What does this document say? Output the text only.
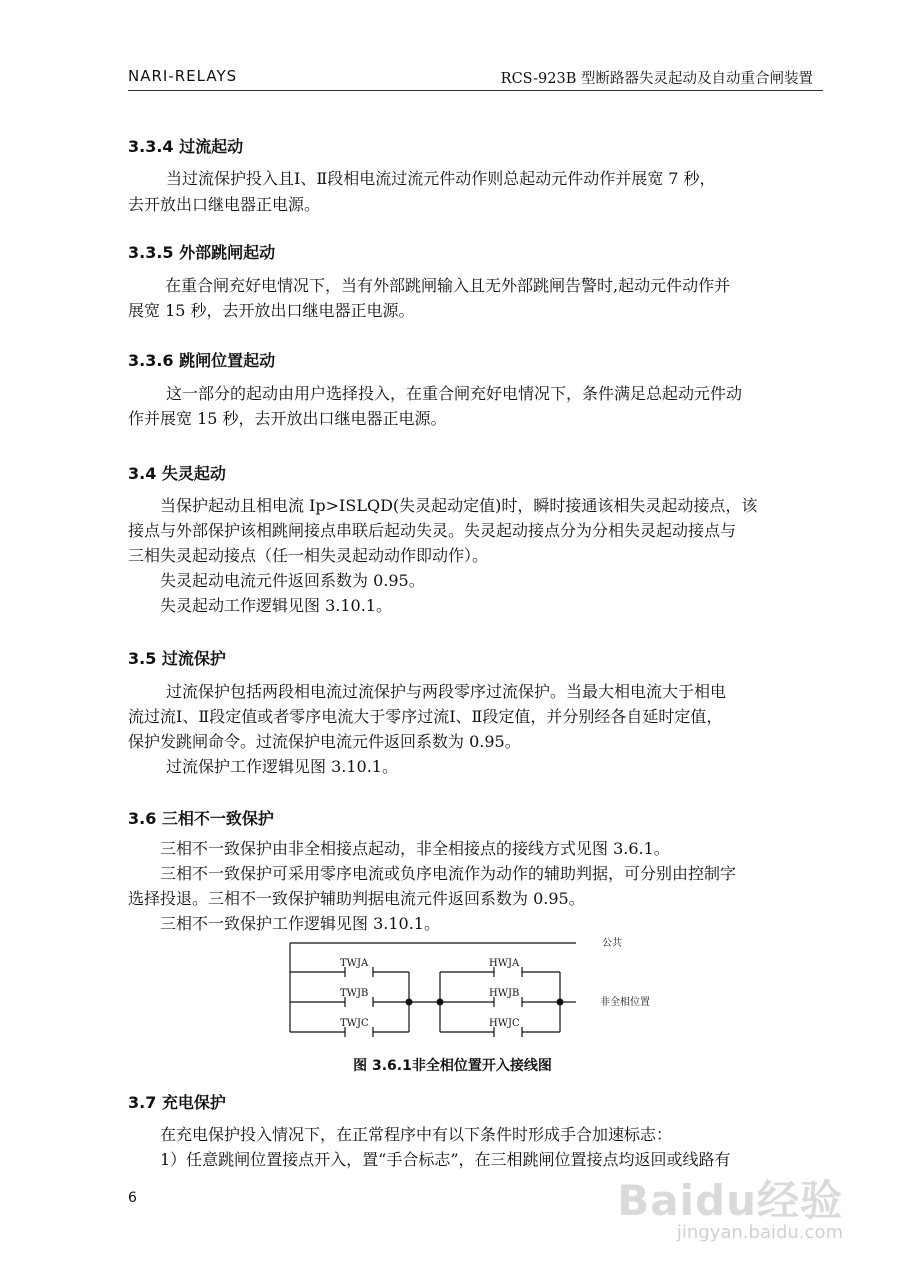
NARI-RELAYS	RCS-923B 型断路器失灵起动及自动重合闸装置
3.3.4 过流起动
　当过流保护投入且Ⅰ、Ⅱ段相电流过流元件动作则总起动元件动作并展宽 7 秒，
去开放出口继电器正电源。
3.3.5 外部跳闸起动
在重合闸充好电情况下，当有外部跳闸输入且无外部跳闸告警时,起动元件动作并
展宽 15 秒，去开放出口继电器正电源。
3.3.6 跳闸位置起动
　这一部分的起动由用户选择投入，在重合闸充好电情况下，条件满足总起动元件动
作并展宽 15 秒，去开放出口继电器正电源。
3.4 失灵起动
当保护起动且相电流 Ip>ISLQD(失灵起动定值)时，瞬时接通该相失灵起动接点，该
接点与外部保护该相跳闸接点串联后起动失灵。失灵起动接点分为分相失灵起动接点与
三相失灵起动接点（任一相失灵起动动作即动作）。
失灵起动电流元件返回系数为 0.95。
失灵起动工作逻辑见图 3.10.1。
3.5 过流保护
　过流保护包括两段相电流过流保护与两段零序过流保护。当最大相电流大于相电
流过流Ⅰ、Ⅱ段定值或者零序电流大于零序过流Ⅰ、Ⅱ段定值，并分别经各自延时定值，
保护发跳闸命令。过流保护电流元件返回系数为 0.95。
　过流保护工作逻辑见图 3.10.1。
3.6 三相不一致保护
三相不一致保护由非全相接点起动，非全相接点的接线方式见图 3.6.1。
三相不一致保护可采用零序电流或负序电流作为动作的辅助判据，可分别由控制字
选择投退。三相不一致保护辅助判据电流元件返回系数为 0.95。
三相不一致保护工作逻辑见图 3.10.1。
TWJA
TWJB
TWJC
HWJA
HWJB
HWJC
公共
非全相位置
图 3.6.1非全相位置开入接线图
3.7 充电保护
在充电保护投入情况下，在正常程序中有以下条件时形成手合加速标志：
1）任意跳闸位置接点开入，置“手合标志”，在三相跳闸位置接点均返回或线路有
6	Baidu经验
jingyan.baidu.com
